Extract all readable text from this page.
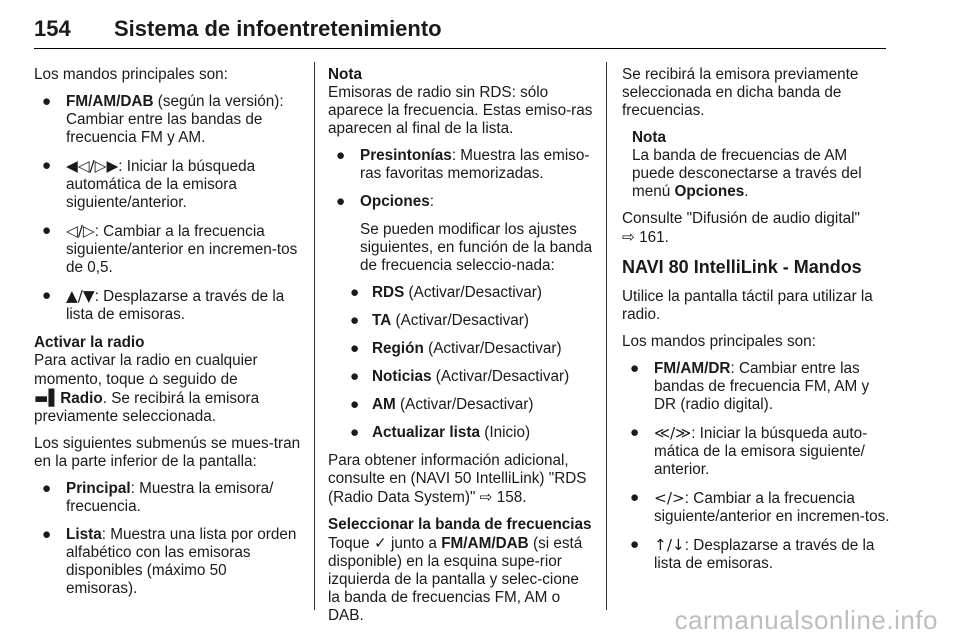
154 Sistema de infoentretenimiento

Los mandos principales son:

● FM/AM/DAB (según la versión): Cambiar entre las bandas de frecuencia FM y AM.
● ◀◁/▷▶: Iniciar la búsqueda automática de la emisora siguiente/anterior.
● ◁/▷: Cambiar a la frecuencia siguiente/anterior en incremen-tos de 0,5.
● ▲/▼: Desplazarse a través de la lista de emisoras.
Activar la radio

Para activar la radio en cualquier momento, toque ⌂ seguido de
▬▌Radio. Se recibirá la emisora previamente seleccionada.

Los siguientes submenús se mues-tran en la parte inferior de la pantalla:

● Principal: Muestra la emisora/ frecuencia.
● Lista: Muestra una lista por orden alfabético con las emisoras disponibles (máximo 50 emisoras).
Nota

Emisoras de radio sin RDS: sólo aparece la frecuencia. Estas emiso-ras aparecen al final de la lista.

● Presintonías: Muestra las emiso-ras favoritas memorizadas.
● Opciones:

Se pueden modificar los ajustes siguientes, en función de la banda de frecuencia seleccio-nada:

● RDS (Activar/Desactivar)
● TA (Activar/Desactivar)
● Región (Activar/Desactivar)
● Noticias (Activar/Desactivar)
● AM (Activar/Desactivar)
● Actualizar lista (Inicio)

Para obtener información adicional, consulte en (NAVI 50 IntelliLink) "RDS (Radio Data System)" ⇨ 158.

Seleccionar la banda de frecuencias

Toque ✓ junto a FM/AM/DAB (si está disponible) en la esquina supe-rior izquierda de la pantalla y selec-cione la banda de frecuencias FM, AM o DAB.

Se recibirá la emisora previamente seleccionada en dicha banda de frecuencias.

Nota
La banda de frecuencias de AM puede desconectarse a través del menú Opciones.

Consulte "Difusión de audio digital"
⇨ 161.

NAVI 80 IntelliLink - Mandos

Utilice la pantalla táctil para utilizar la radio.

Los mandos principales son:

● FM/AM/DR: Cambiar entre las bandas de frecuencia FM, AM y DR (radio digital).
● ≪/≫: Iniciar la búsqueda auto-mática de la emisora siguiente/ anterior.
● </>: Cambiar a la frecuencia siguiente/anterior en incremen-tos.
● ↑/↓: Desplazarse a través de la lista de emisoras.
carmanualsonline.info
